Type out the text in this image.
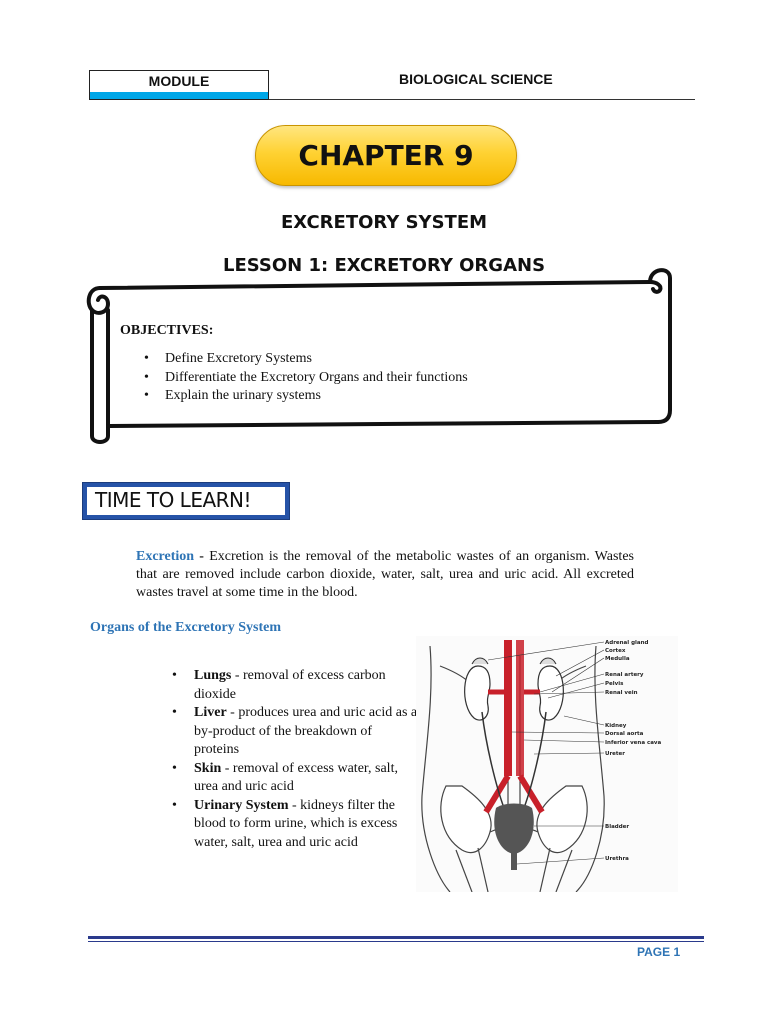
MODULE	BIOLOGICAL SCIENCE
CHAPTER 9
EXCRETORY SYSTEM
LESSON 1: EXCRETORY ORGANS
OBJECTIVES:
• Define Excretory Systems
• Differentiate the Excretory Organs and their functions
• Explain the urinary systems
TIME TO LEARN!

Excretion - Excretion is the removal of the metabolic wastes of an organism. Wastes that are removed include carbon dioxide, water, salt, urea and uric acid. All excreted wastes travel at some time in the blood.

Organs of the Excretory System
• Lungs - removal of excess carbon dioxide
• Liver - produces urea and uric acid as a by-product of the breakdown of proteins
• Skin - removal of excess water, salt, urea and uric acid
• Urinary System - kidneys filter the blood to form urine, which is excess water, salt, urea and uric acid
Adrenal gland
Cortex
Medulla
Renal artery
Pelvis
Renal vein
Kidney
Dorsal aorta
Inferior vena cava
Ureter
Bladder
Urethra
PAGE 1
